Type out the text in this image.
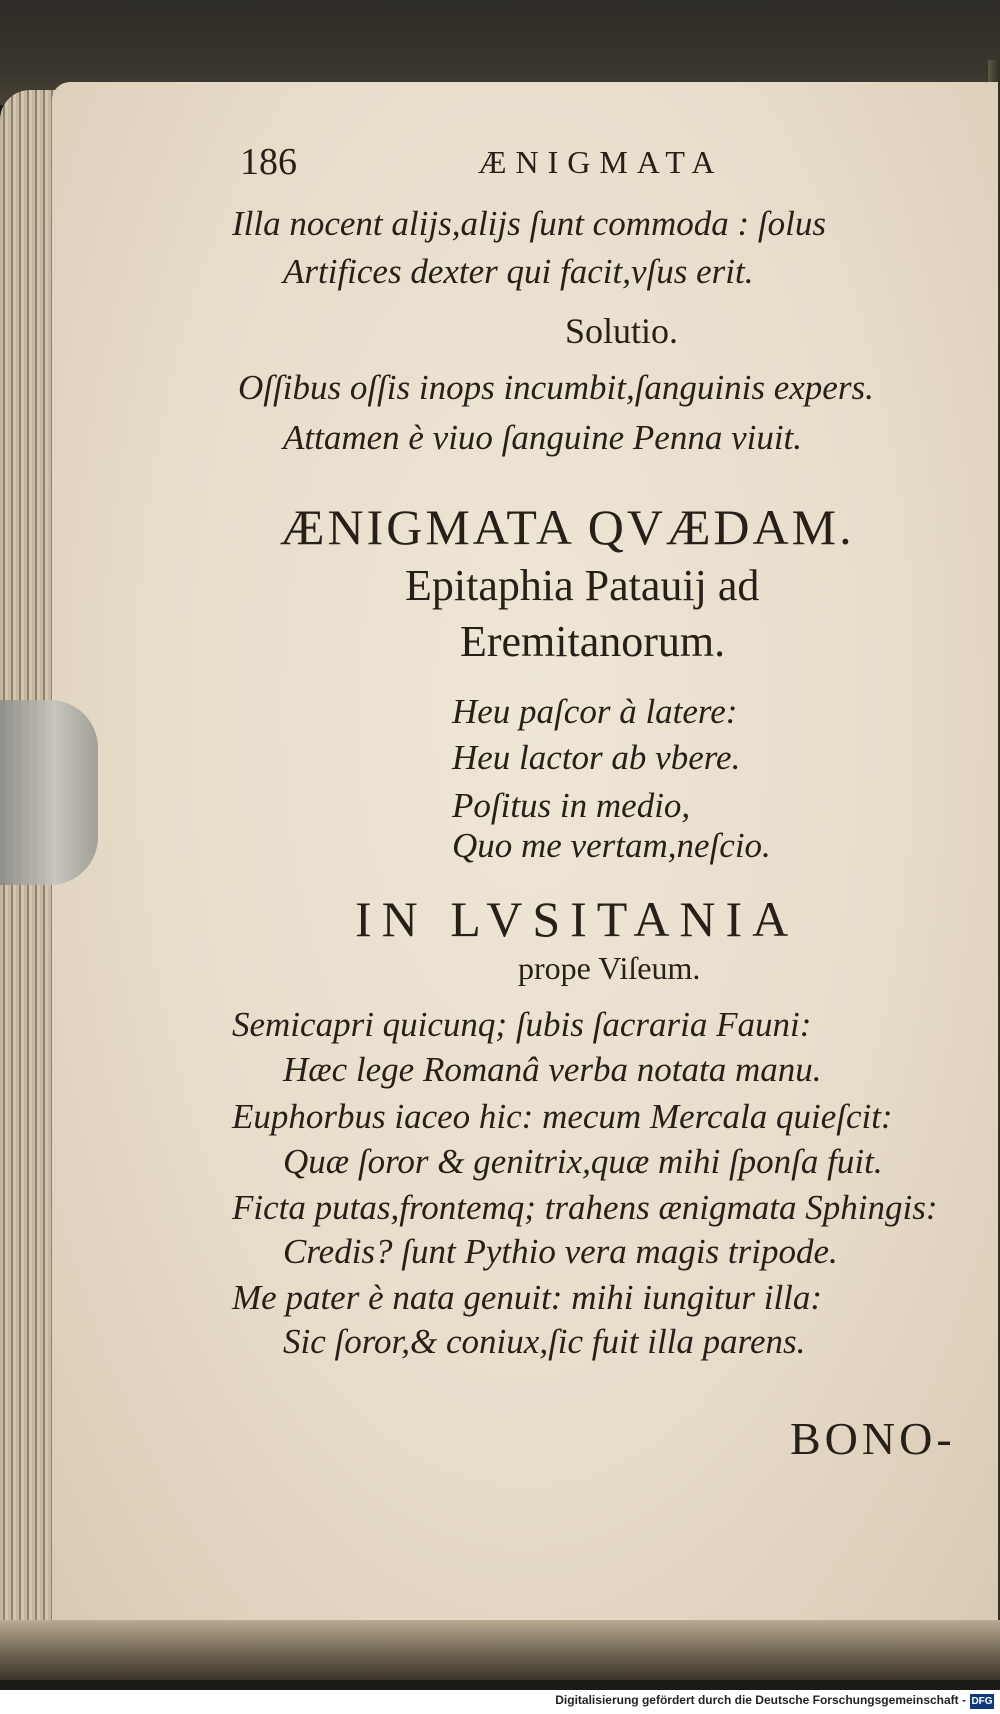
186	ÆNIGMATA
Illa nocent alijs,alijs ſunt commoda : ſolus
Artifices dexter qui facit,vſus erit.
Solutio.
Oſſibus oſſis inops incumbit,ſanguinis expers.
Attamen è viuo ſanguine Penna viuit.
ÆNIGMATA QVÆDAM.
Epitaphia Patauij ad
Eremitanorum.
Heu paſcor à latere:
Heu lactor ab vbere.
Poſitus in medio,
Quo me vertam,neſcio.
IN LVSITANIA
prope Viſeum.
Semicapri quicunq; ſubis ſacraria Fauni:
Hæc lege Romanâ verba notata manu.
Euphorbus iaceo hic: mecum Mercala quieſcit:
Quæ ſoror & genitrix,quæ mihi ſponſa fuit.
Ficta putas,frontemq; trahens ænigmata Sphingis:
Credis? ſunt Pythio vera magis tripode.
Me pater è nata genuit: mihi iungitur illa:
Sic ſoror,& coniux,ſic fuit illa parens.
BONO-
Digitalisierung gefördert durch die Deutsche Forschungsgemeinschaft - DFG
